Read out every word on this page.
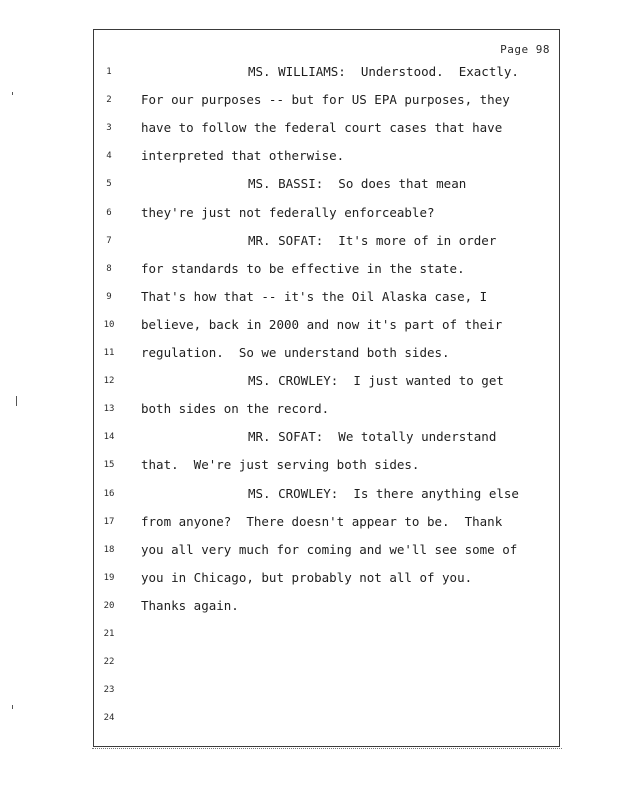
Page 98
1	MS. WILLIAMS:  Understood.  Exactly.
2	For our purposes -- but for US EPA purposes, they
3	have to follow the federal court cases that have
4	interpreted that otherwise.
5	MS. BASSI:  So does that mean
6	they're just not federally enforceable?
7	MR. SOFAT:  It's more of in order
8	for standards to be effective in the state.
9	That's how that -- it's the Oil Alaska case, I
10	believe, back in 2000 and now it's part of their
11	regulation.  So we understand both sides.
12	MS. CROWLEY:  I just wanted to get
13	both sides on the record.
14	MR. SOFAT:  We totally understand
15	that.  We're just serving both sides.
16	MS. CROWLEY:  Is there anything else
17	from anyone?  There doesn't appear to be.  Thank
18	you all very much for coming and we'll see some of
19	you in Chicago, but probably not all of you.
20	Thanks again.
21
22
23
24
